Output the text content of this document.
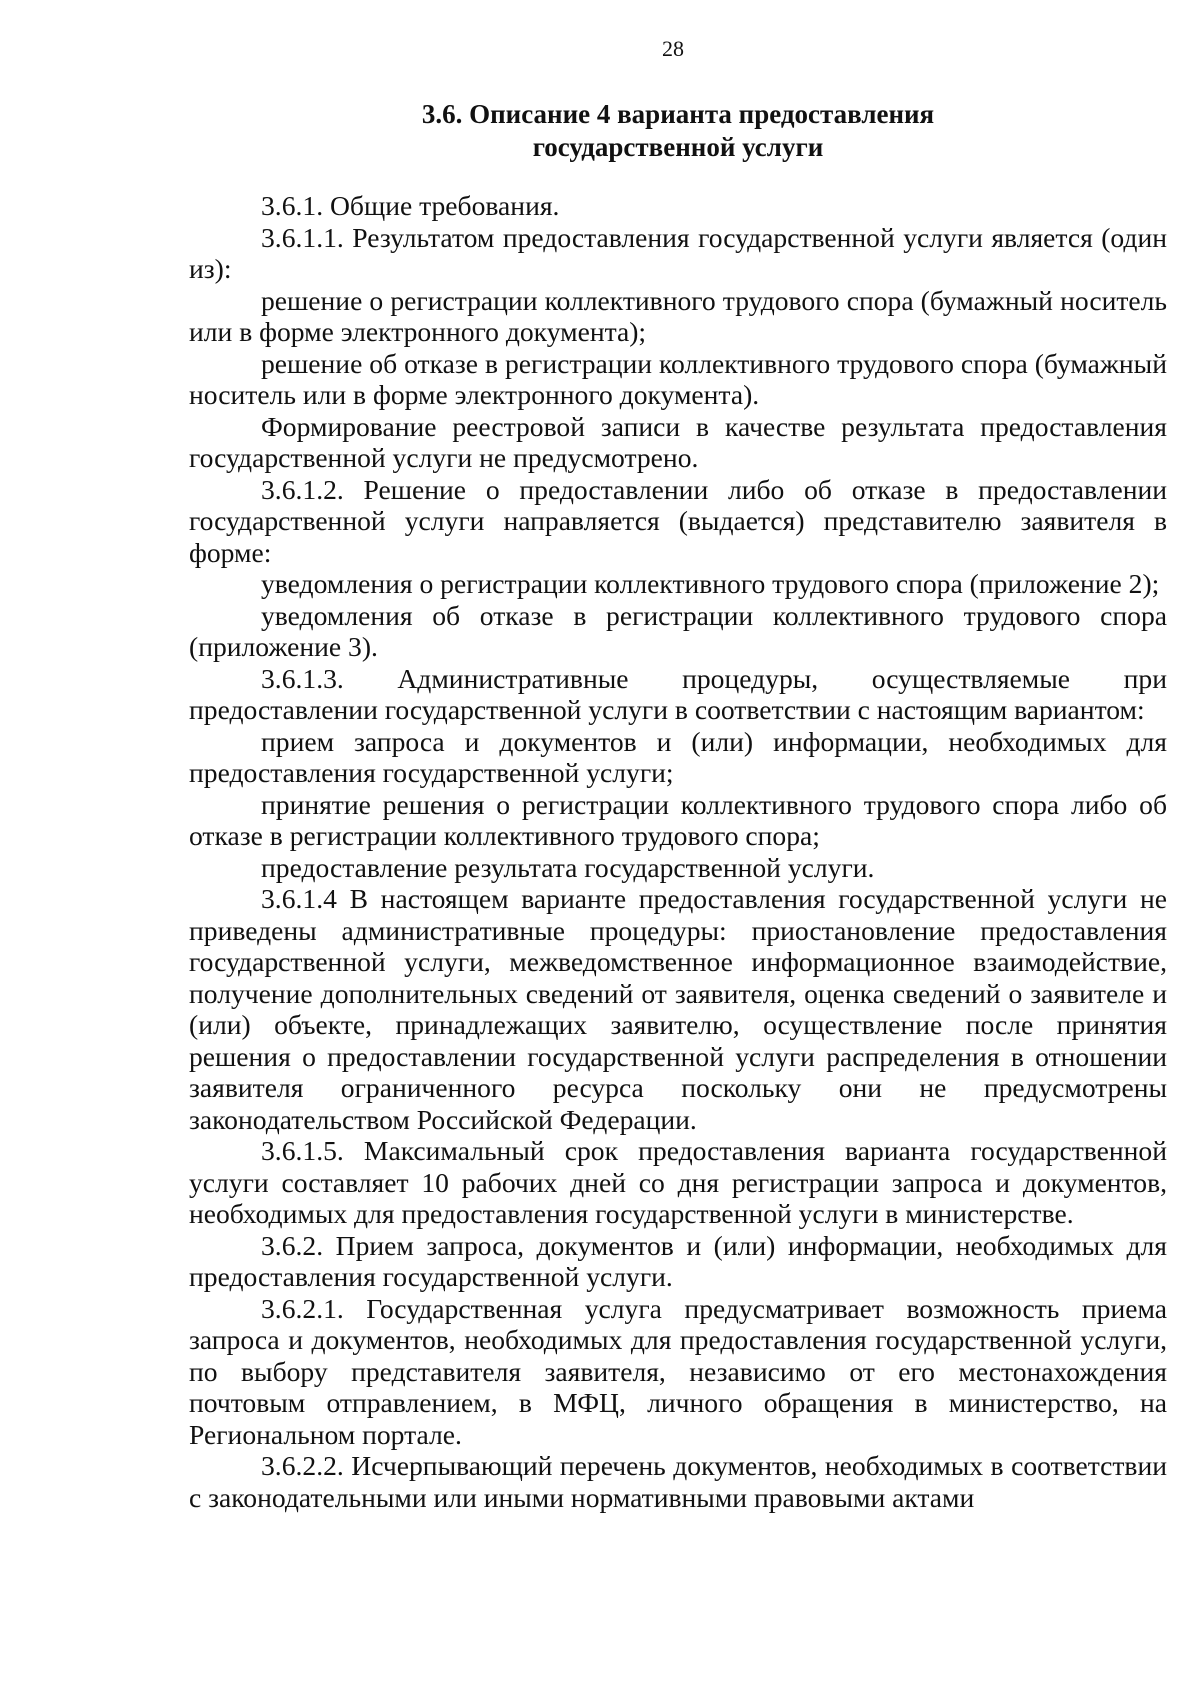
28
3.6. Описание 4 варианта предоставления
государственной услуги

3.6.1. Общие требования.

3.6.1.1. Результатом предоставления государственной услуги является (один из):

решение о регистрации коллективного трудового спора (бумажный носитель или в форме электронного документа);

решение об отказе в регистрации коллективного трудового спора (бумажный носитель или в форме электронного документа).

Формирование реестровой записи в качестве результата предоставления государственной услуги не предусмотрено.

3.6.1.2. Решение о предоставлении либо об отказе в предоставлении государственной услуги направляется (выдается) представителю заявителя в форме:

уведомления о регистрации коллективного трудового спора (приложение 2);

уведомления об отказе в регистрации коллективного трудового спора (приложение 3).

3.6.1.3. Административные процедуры, осуществляемые при предоставлении государственной услуги в соответствии с настоящим вариантом:

прием запроса и документов и (или) информации, необходимых для предоставления государственной услуги;

принятие решения о регистрации коллективного трудового спора либо об отказе в регистрации коллективного трудового спора;

предоставление результата государственной услуги.

3.6.1.4 В настоящем варианте предоставления государственной услуги не приведены административные процедуры: приостановление предоставления государственной услуги, межведомственное информационное взаимодействие, получение дополнительных сведений от заявителя, оценка сведений о заявителе и (или) объекте, принадлежащих заявителю, осуществление после принятия решения о предоставлении государственной услуги распределения в отношении заявителя ограниченного ресурса поскольку они не предусмотрены законодательством Российской Федерации.

3.6.1.5. Максимальный срок предоставления варианта государственной услуги составляет 10 рабочих дней со дня регистрации запроса и документов, необходимых для предоставления государственной услуги в министерстве.

3.6.2. Прием запроса, документов и (или) информации, необходимых для предоставления государственной услуги.

3.6.2.1. Государственная услуга предусматривает возможность приема запроса и документов, необходимых для предоставления государственной услуги, по выбору представителя заявителя, независимо от его местонахождения почтовым отправлением, в МФЦ, личного обращения в министерство, на Региональном портале.

3.6.2.2. Исчерпывающий перечень документов, необходимых в соответствии с законодательными или иными нормативными правовыми актами
